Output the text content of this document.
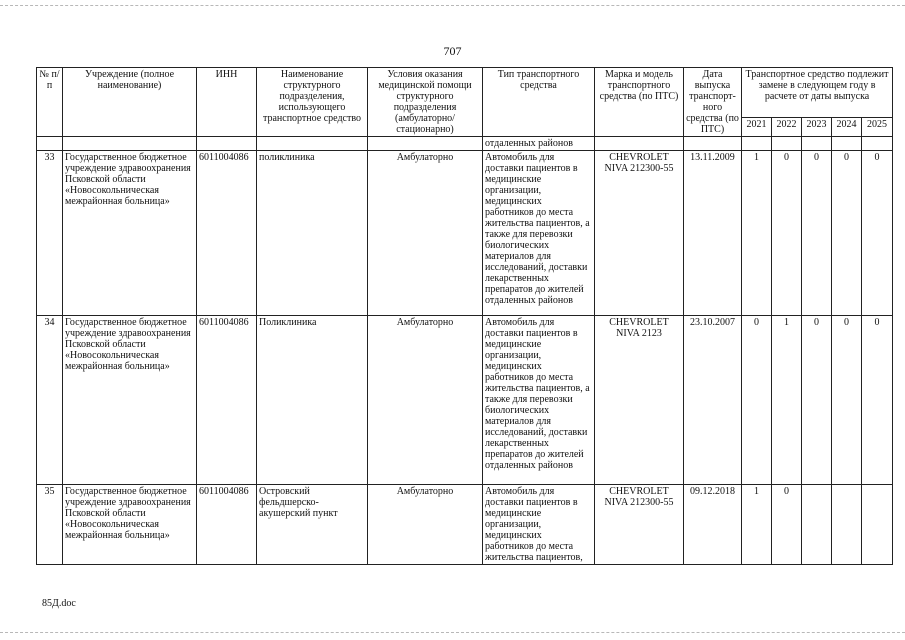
707
№ п/п	Учреждение (полное наименование)	ИНН	Наименование структурного подразделения, использующего транспортное средство	Условия оказания медицинской помощи структурного подразделения (амбулаторно/ стационарно)	Тип транспортного средства	Марка и модель транспортного средства (по ПТС)	Дата выпуска транспорт-ного средства (по ПТС)	Транспортное средство подлежит замене в следующем году в расчете от даты выпуска				
								2021	2022	2023	2024	2025
					отдаленных районов							
33	Государственное бюджетное учреждение здравоохранения Псковской области «Новосокольническая межрайонная больница»	6011004086	поликлиника	Амбулаторно	Автомобиль для доставки пациентов в медицинские организации, медицинских работников до места жительства пациентов, а также для перевозки биологических материалов для исследований, доставки лекарственных препаратов до жителей отдаленных районов	CHEVROLET NIVA 212300-55	13.11.2009	1	0	0	0	0
34	Государственное бюджетное учреждение здравоохранения Псковской области «Новосокольническая межрайонная больница»	6011004086	Поликлиника	Амбулаторно	Автомобиль для доставки пациентов в медицинские организации, медицинских работников до места жительства пациентов, а также для перевозки биологических материалов для исследований, доставки лекарственных препаратов до жителей отдаленных районов	CHEVROLET NIVA 2123	23.10.2007	0	1	0	0	0
35	Государственное бюджетное учреждение здравоохранения Псковской области «Новосокольническая межрайонная больница»	6011004086	Островский фельдшерско-акушерский пункт	Амбулаторно	Автомобиль для доставки пациентов в медицинские организации, медицинских работников до места жительства пациентов,	CHEVROLET NIVA 212300-55	09.12.2018	1	0			
85Д.doc
